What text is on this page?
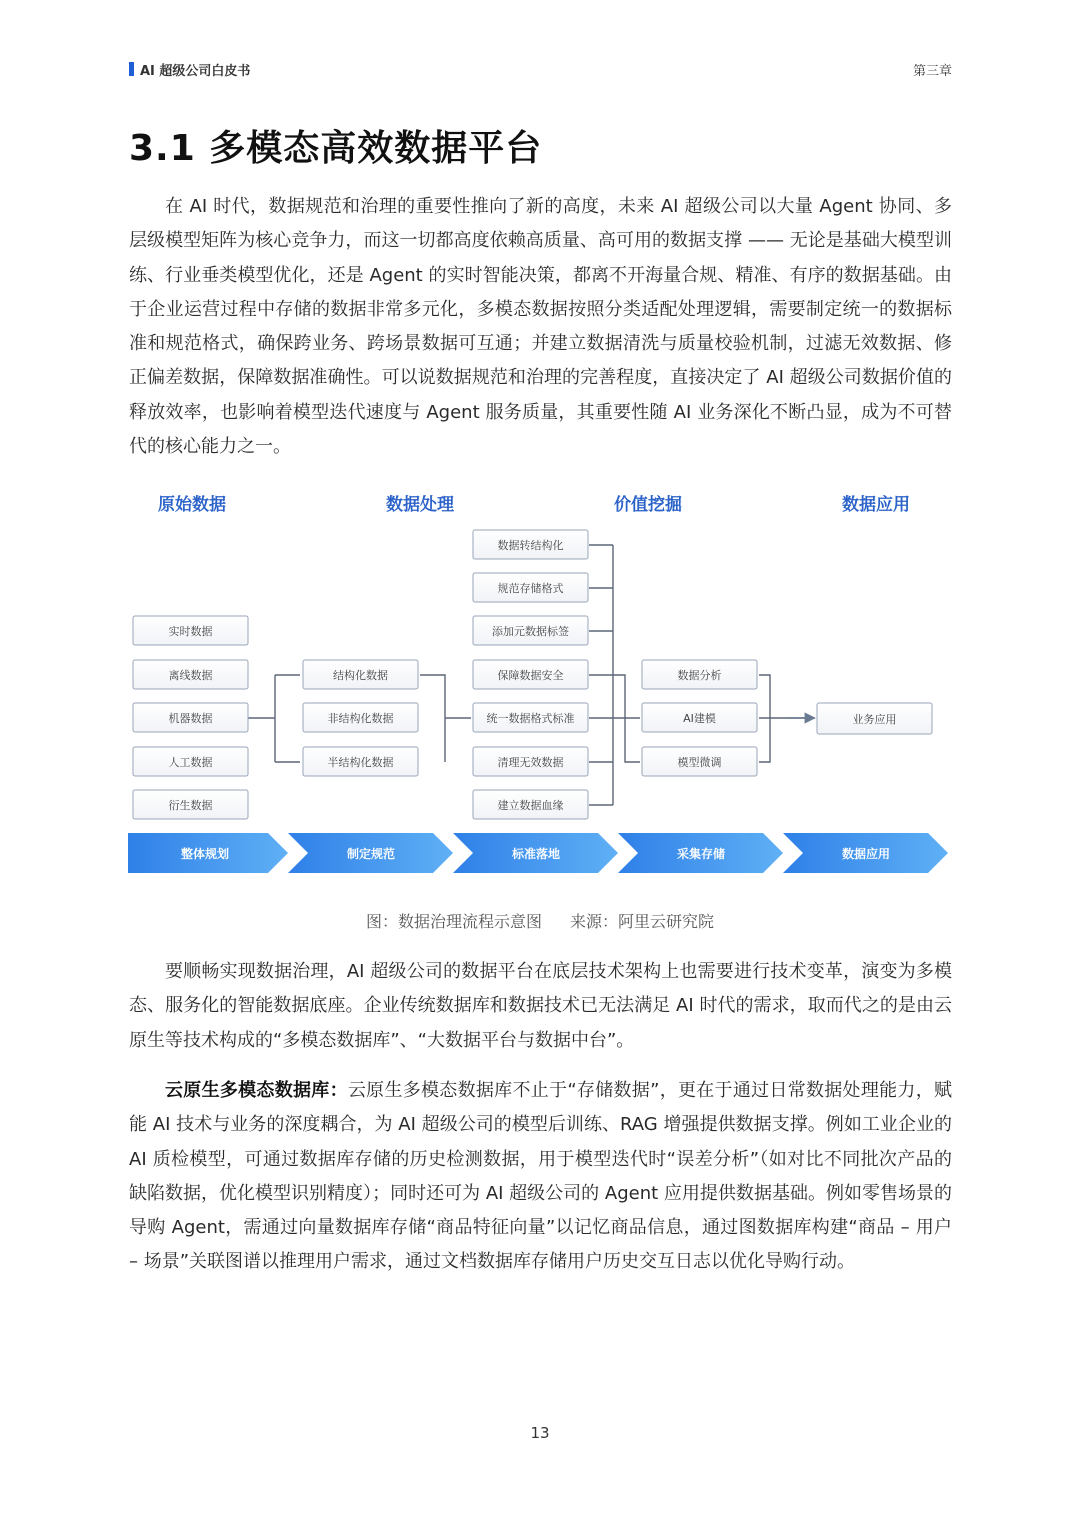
AI 超级公司白皮书	第三章
3.1 多模态高效数据平台

在 AI 时代，数据规范和治理的重要性推向了新的高度，未来 AI 超级公司以大量 Agent 协同、多层级模型矩阵为核心竞争力，而这一切都高度依赖高质量、高可用的数据支撑 —— 无论是基础大模型训练、行业垂类模型优化，还是 Agent 的实时智能决策，都离不开海量合规、精准、有序的数据基础。由于企业运营过程中存储的数据非常多元化，多模态数据按照分类适配处理逻辑，需要制定统一的数据标准和规范格式，确保跨业务、跨场景数据可互通；并建立数据清洗与质量校验机制，过滤无效数据、修正偏差数据，保障数据准确性。可以说数据规范和治理的完善程度，直接决定了 AI 超级公司数据价值的释放效率，也影响着模型迭代速度与 Agent 服务质量，其重要性随 AI 业务深化不断凸显，成为不可替代的核心能力之一。

原始数据	数据处理	价值挖掘	数据应用
实时数据
离线数据
机器数据
人工数据
衍生数据
结构化数据
非结构化数据
半结构化数据
数据转结构化
规范存储格式
添加元数据标签
保障数据安全
统一数据格式标准
清理无效数据
建立数据血缘
数据分析
AI建模
模型微调
业务应用
整体规划	制定规范	标准落地	采集存储	数据应用
图：数据治理流程示意图 来源：阿里云研究院

要顺畅实现数据治理，AI 超级公司的数据平台在底层技术架构上也需要进行技术变革，演变为多模态、服务化的智能数据底座。企业传统数据库和数据技术已无法满足 AI 时代的需求，取而代之的是由云原生等技术构成的“多模态数据库”、“大数据平台与数据中台”。

云原生多模态数据库：云原生多模态数据库不止于“存储数据”，更在于通过日常数据处理能力，赋能 AI 技术与业务的深度耦合，为 AI 超级公司的模型后训练、RAG 增强提供数据支撑。例如工业企业的 AI 质检模型，可通过数据库存储的历史检测数据，用于模型迭代时“误差分析”（如对比不同批次产品的缺陷数据，优化模型识别精度）；同时还可为 AI 超级公司的 Agent 应用提供数据基础。例如零售场景的导购 Agent，需通过向量数据库存储“商品特征向量”以记忆商品信息，通过图数据库构建“商品 – 用户 – 场景”关联图谱以推理用户需求，通过文档数据库存储用户历史交互日志以优化导购行动。

13
